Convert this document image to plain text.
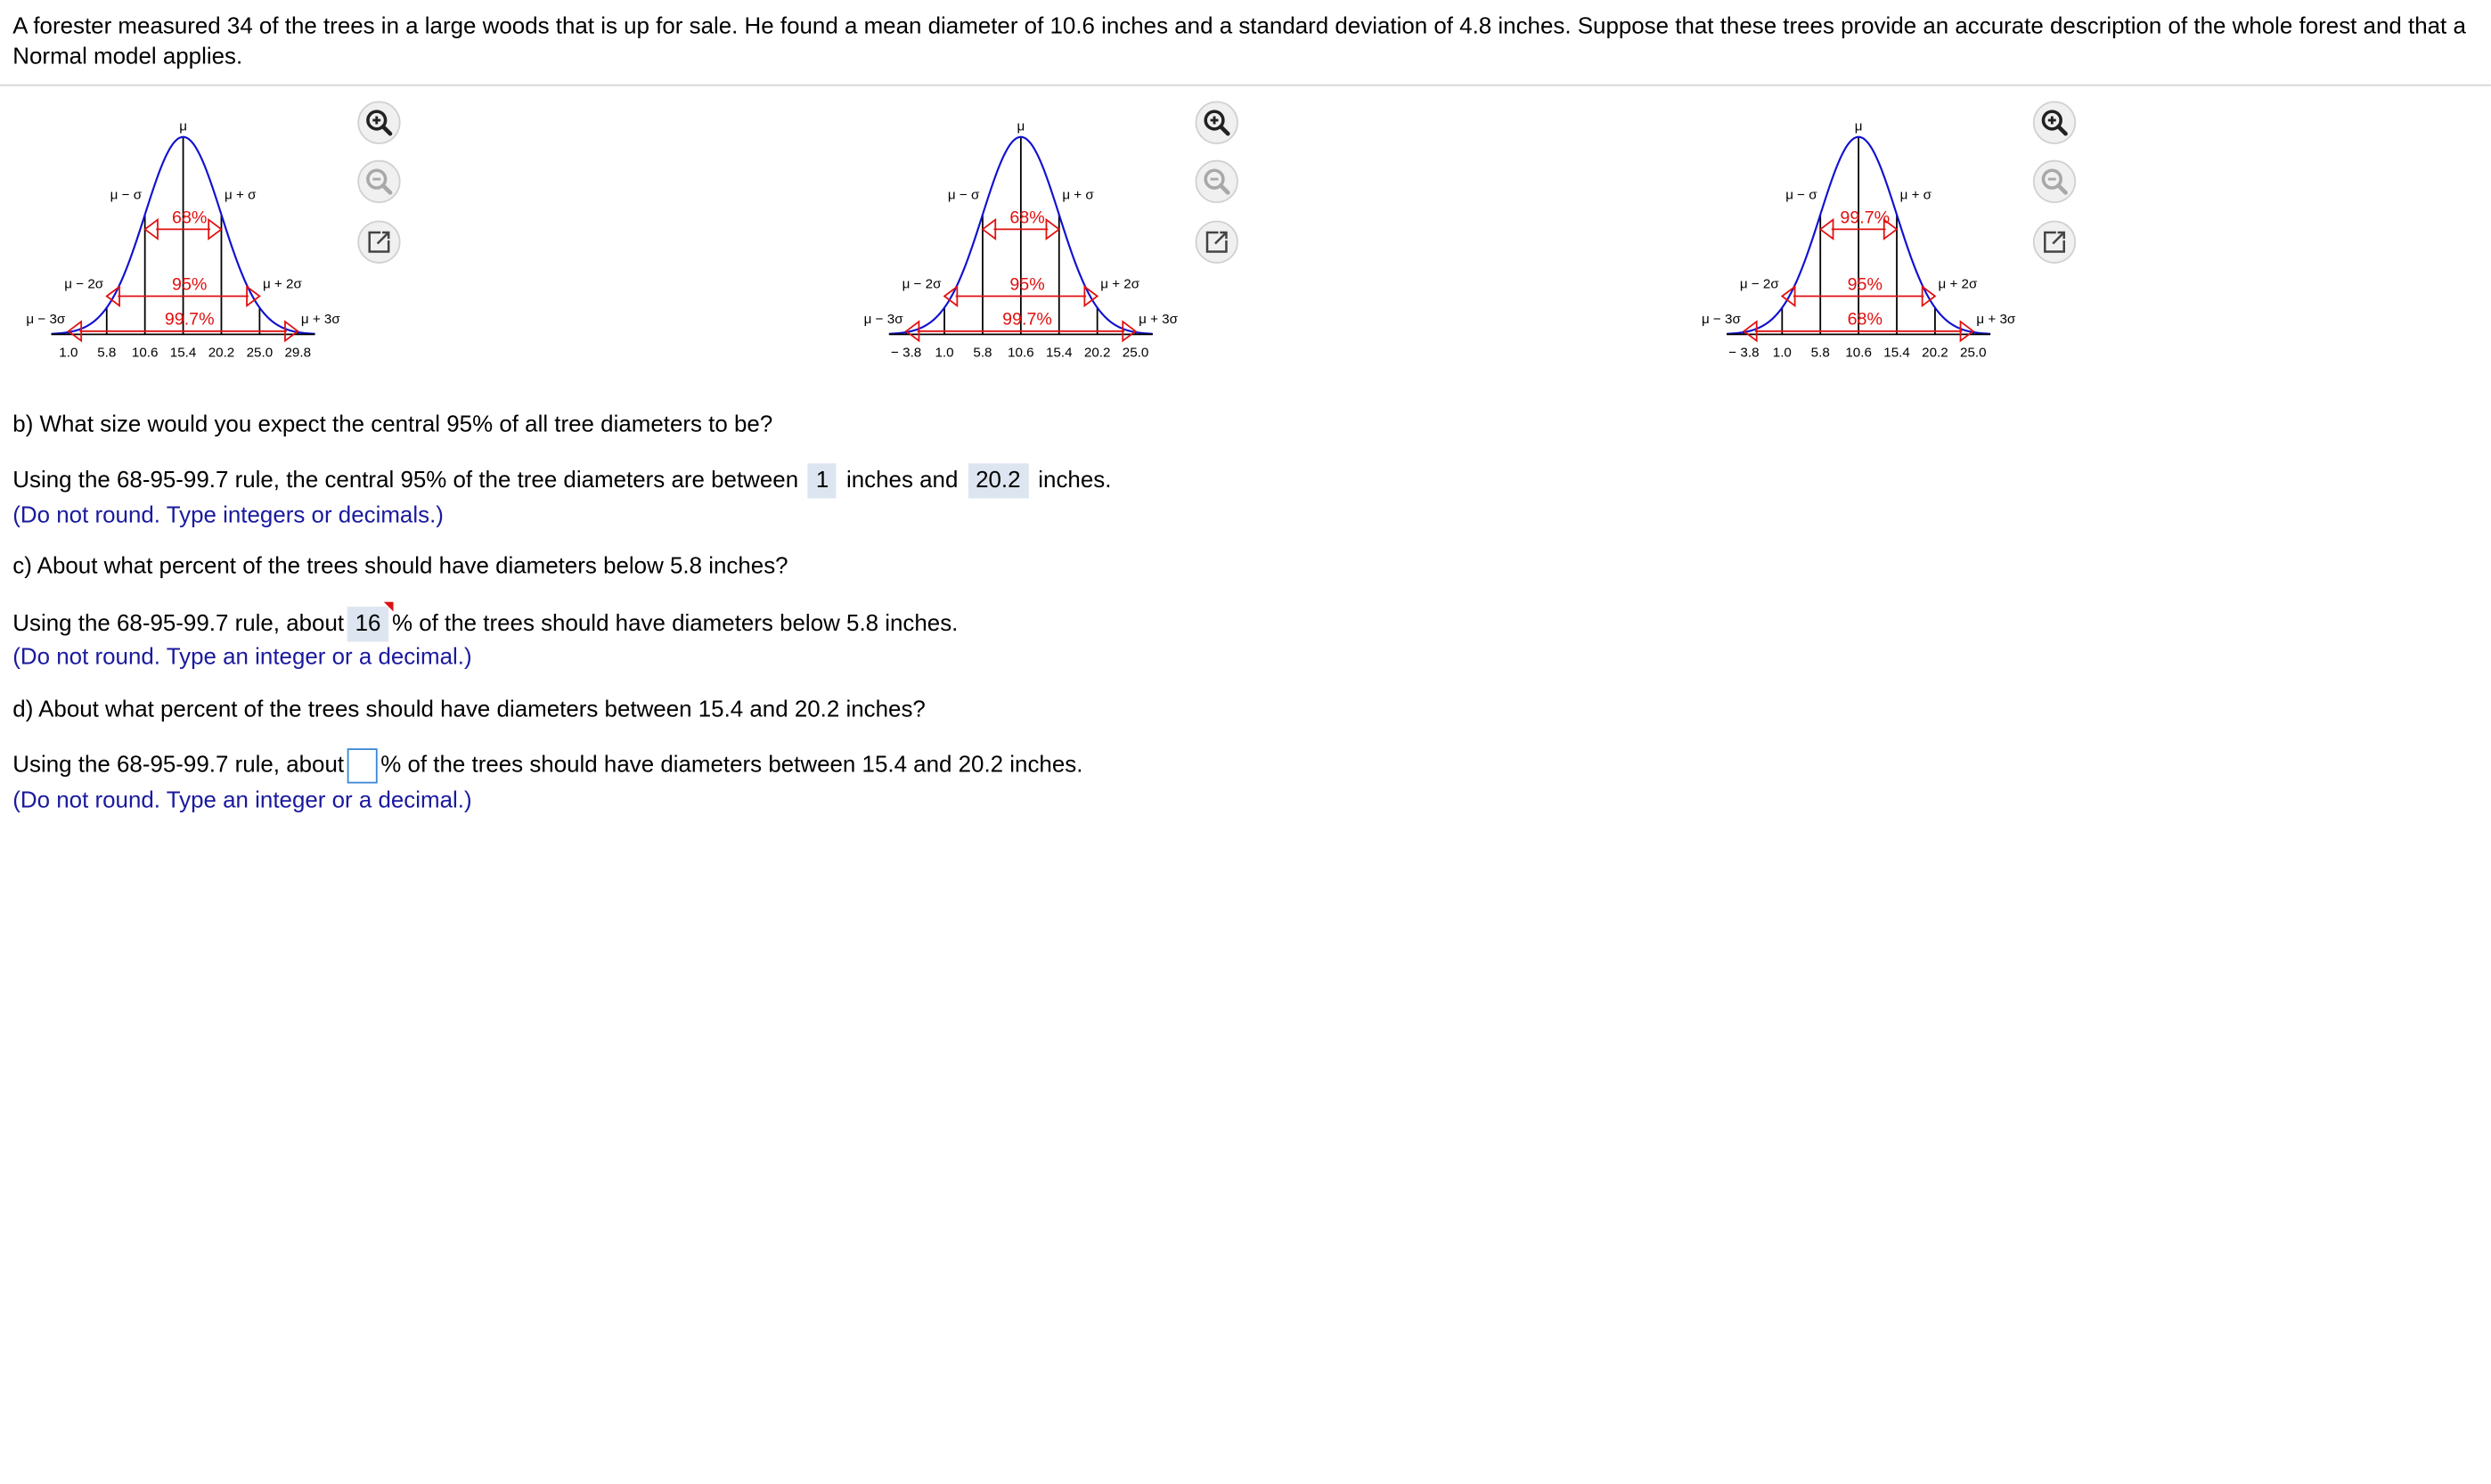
A forester measured 34 of the trees in a large woods that is up for sale. He found a mean diameter of 10.6 inches and a standard deviation of 4.8 inches. Suppose that these trees provide an accurate description of the whole forest and that a Normal model applies.
68%
95%
99.7%
μ
μ − σ	μ + σ
μ − 2σ	μ + 2σ
μ − 3σ	μ + 3σ
1.0	5.8 10.6 15.4 20.2 25.0 29.8
68%
95%
99.7%
μ
μ − σ	μ + σ
μ − 2σ	μ + 2σ
μ − 3σ	μ + 3σ
− 3.8 1.0	5.8 10.6 15.4 20.2 25.0
99.7%
95%
68%
μ
μ − σ	μ + σ
μ − 2σ	μ + 2σ
μ − 3σ	μ + 3σ
− 3.8 1.0	5.8 10.6 15.4 20.2 25.0
b) What size would you expect the central 95% of all tree diameters to be?
Using the 68-95-99.7 rule, the central 95% of the tree diameters are between 1 inches and 20.2 inches.
(Do not round. Type integers or decimals.)
c) About what percent of the trees should have diameters below 5.8 inches?
Using the 68-95-99.7 rule, about 16 % of the trees should have diameters below 5.8 inches.
(Do not round. Type an integer or a decimal.)
d) About what percent of the trees should have diameters between 15.4 and 20.2 inches?
Using the 68-95-99.7 rule, about	% of the trees should have diameters between 15.4 and 20.2 inches.
(Do not round. Type an integer or a decimal.)
